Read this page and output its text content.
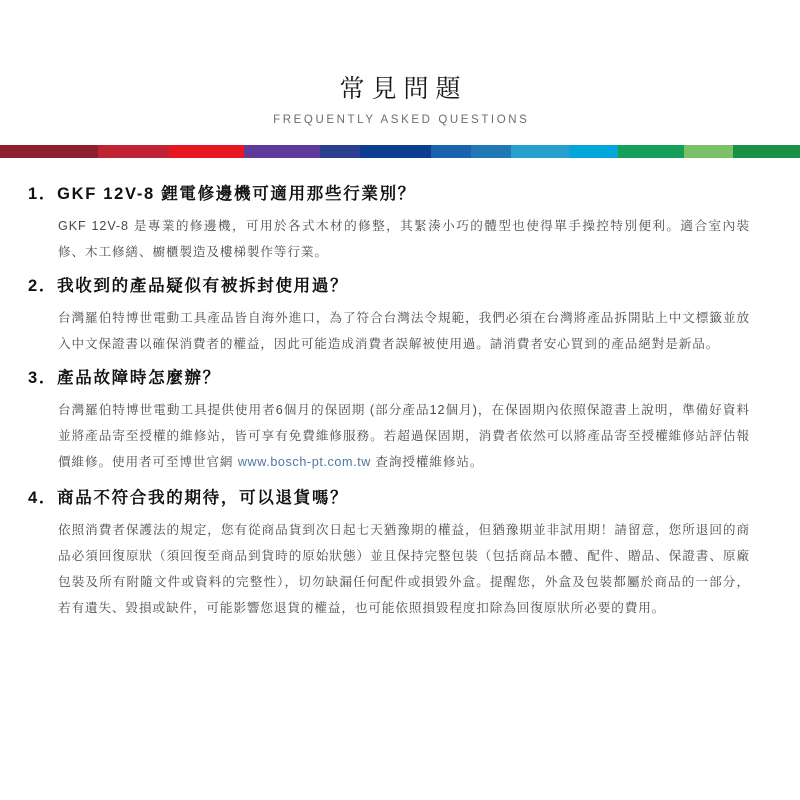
常見問題
FREQUENTLY ASKED QUESTIONS
1．GKF 12V-8 鋰電修邊機可適用那些行業別？
GKF 12V-8 是專業的修邊機，可用於各式木材的修整，其緊湊小巧的體型也使得單手操控特別便利。適合室內裝修、木工修繕、櫥櫃製造及樓梯製作等行業。
2．我收到的產品疑似有被拆封使用過？
台灣羅伯特博世電動工具產品皆自海外進口，為了符合台灣法令規範，我們必須在台灣將產品拆開貼上中文標籤並放入中文保證書以確保消費者的權益，因此可能造成消費者誤解被使用過。請消費者安心買到的產品絕對是新品。
3．產品故障時怎麼辦？
台灣羅伯特博世電動工具提供使用者6個月的保固期 (部分產品12個月)，在保固期內依照保證書上說明，準備好資料並將產品寄至授權的維修站，皆可享有免費維修服務。若超過保固期，消費者依然可以將產品寄至授權維修站評估報價維修。使用者可至博世官網 www.bosch-pt.com.tw 查詢授權維修站。
4．商品不符合我的期待，可以退貨嗎？
依照消費者保護法的規定，您有從商品貨到次日起七天猶豫期的權益，但猶豫期並非試用期！請留意，您所退回的商品必須回復原狀（須回復至商品到貨時的原始狀態）並且保持完整包裝（包括商品本體、配件、贈品、保證書、原廠包裝及所有附隨文件或資料的完整性），切勿缺漏任何配件或損毀外盒。提醒您，外盒及包裝都屬於商品的一部分，若有遺失、毀損或缺件，可能影響您退貨的權益，也可能依照損毀程度扣除為回復原狀所必要的費用。
